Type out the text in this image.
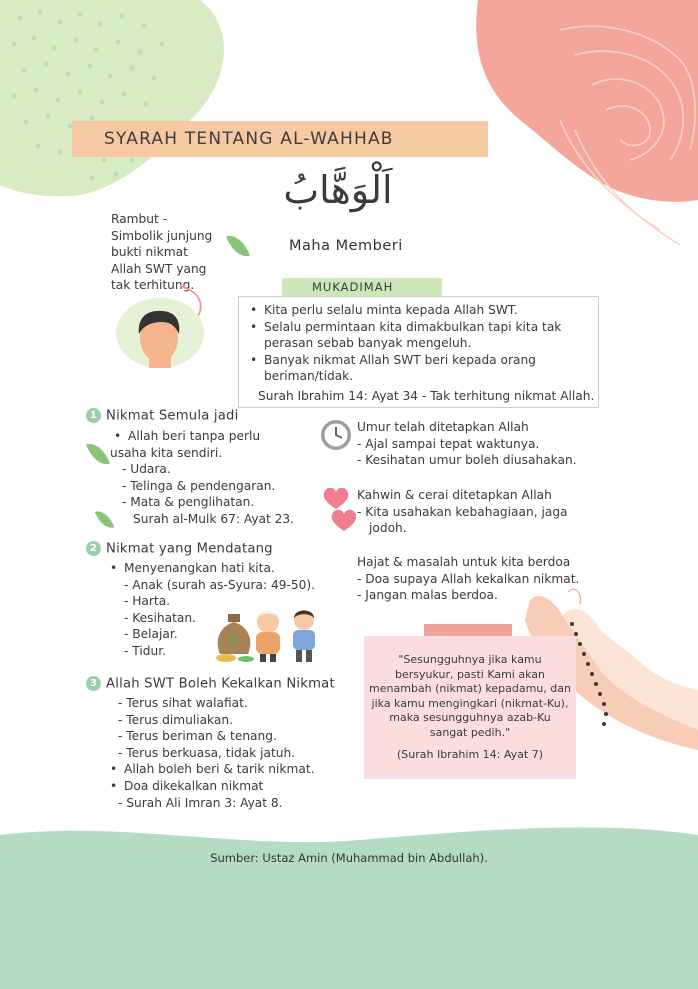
SYARAH TENTANG AL-WAHHAB
اَلْوَهَّابُ
Maha Memberi
Rambut -
Simbolik junjung
bukti nikmat
Allah SWT yang
tak terhitung.	MUKADIMAH
• Kita perlu selalu minta kepada Allah SWT.
• Selalu permintaan kita dimakbulkan tapi kita tak
perasan sebab banyak mengeluh.
• Banyak nikmat Allah SWT beri kepada orang
beriman/tidak.
Surah Ibrahim 14: Ayat 34 - Tak terhitung nikmat Allah.
1 Nikmat Semula jadi
• Allah beri tanpa perlu
usaha kita sendiri.
- Udara.
- Telinga & pendengaran.
- Mata & penglihatan.
Surah al-Mulk 67: Ayat 23.
2 Nikmat yang Mendatang
• Menyenangkan hati kita.
- Anak (surah as-Syura: 49-50).
- Harta.
- Kesihatan.
- Belajar.
- Tidur.
$
3 Allah SWT Boleh Kekalkan Nikmat
- Terus sihat walafiat.
- Terus dimuliakan.
- Terus beriman & tenang.
- Terus berkuasa, tidak jatuh.
• Allah boleh beri & tarik nikmat.
• Doa dikekalkan nikmat
- Surah Ali Imran 3: Ayat 8.
Umur telah ditetapkan Allah
- Ajal sampai tepat waktunya.
- Kesihatan umur boleh diusahakan.
Kahwin & cerai ditetapkan Allah
- Kita usahakan kebahagiaan, jaga
jodoh.
Hajat & masalah untuk kita berdoa
- Doa supaya Allah kekalkan nikmat.
- Jangan malas berdoa.
"Sesungguhnya jika kamu
bersyukur, pasti Kami akan
menambah (nikmat) kepadamu, dan
jika kamu mengingkari (nikmat-Ku),
maka sesungguhnya azab-Ku
sangat pedih."
(Surah Ibrahim 14: Ayat 7)
Sumber: Ustaz Amin (Muhammad bin Abdullah).
